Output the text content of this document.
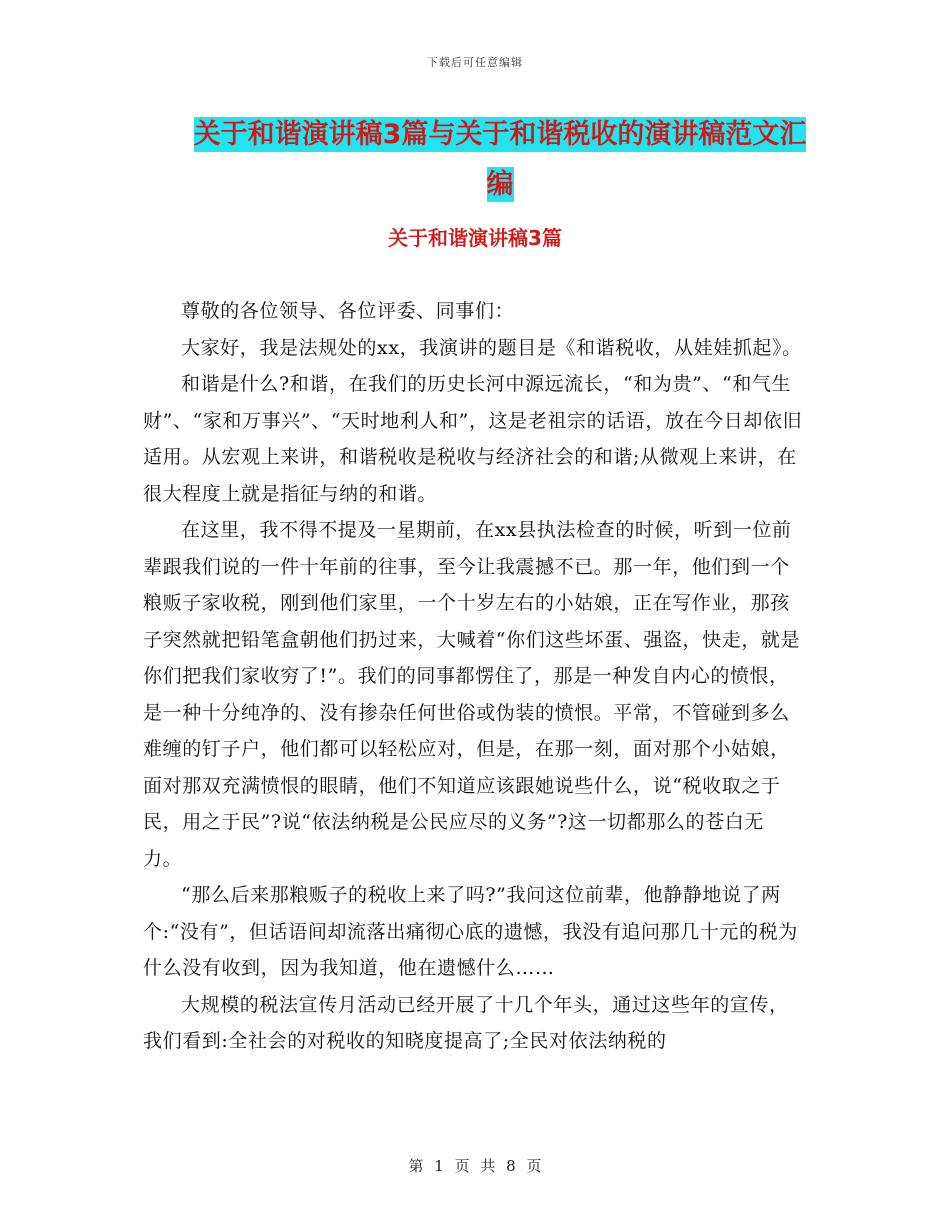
下载后可任意编辑
关于和谐演讲稿3篇与关于和谐税收的演讲稿范文汇编
关于和谐演讲稿3篇

尊敬的各位领导、各位评委、同事们：

大家好，我是法规处的xx，我演讲的题目是《和谐税收，从娃娃抓起》。

和谐是什么?和谐，在我们的历史长河中源远流长，“和为贵”、“和气生财”、“家和万事兴”、“天时地利人和”，这是老祖宗的话语，放在今日却依旧适用。从宏观上来讲，和谐税收是税收与经济社会的和谐;从微观上来讲，在很大程度上就是指征与纳的和谐。

在这里，我不得不提及一星期前，在xx县执法检查的时候，听到一位前辈跟我们说的一件十年前的往事，至今让我震撼不已。那一年，他们到一个粮贩子家收税，刚到他们家里，一个十岁左右的小姑娘，正在写作业，那孩子突然就把铅笔盒朝他们扔过来，大喊着“你们这些坏蛋、强盗，快走，就是你们把我们家收穷了!”。我们的同事都愣住了，那是一种发自内心的愤恨，是一种十分纯净的、没有掺杂任何世俗或伪装的愤恨。平常，不管碰到多么难缠的钉子户，他们都可以轻松应对，但是，在那一刻，面对那个小姑娘，面对那双充满愤恨的眼睛，他们不知道应该跟她说些什么，说“税收取之于民，用之于民”?说“依法纳税是公民应尽的义务”?这一切都那么的苍白无力。

“那么后来那粮贩子的税收上来了吗?”我问这位前辈，他静静地说了两个:“没有”，但话语间却流落出痛彻心底的遗憾，我没有追问那几十元的税为什么没有收到，因为我知道，他在遗憾什么……

大规模的税法宣传月活动已经开展了十几个年头，通过这些年的宣传，我们看到:全社会的对税收的知晓度提高了;全民对依法纳税的

第 1 页 共 8 页
